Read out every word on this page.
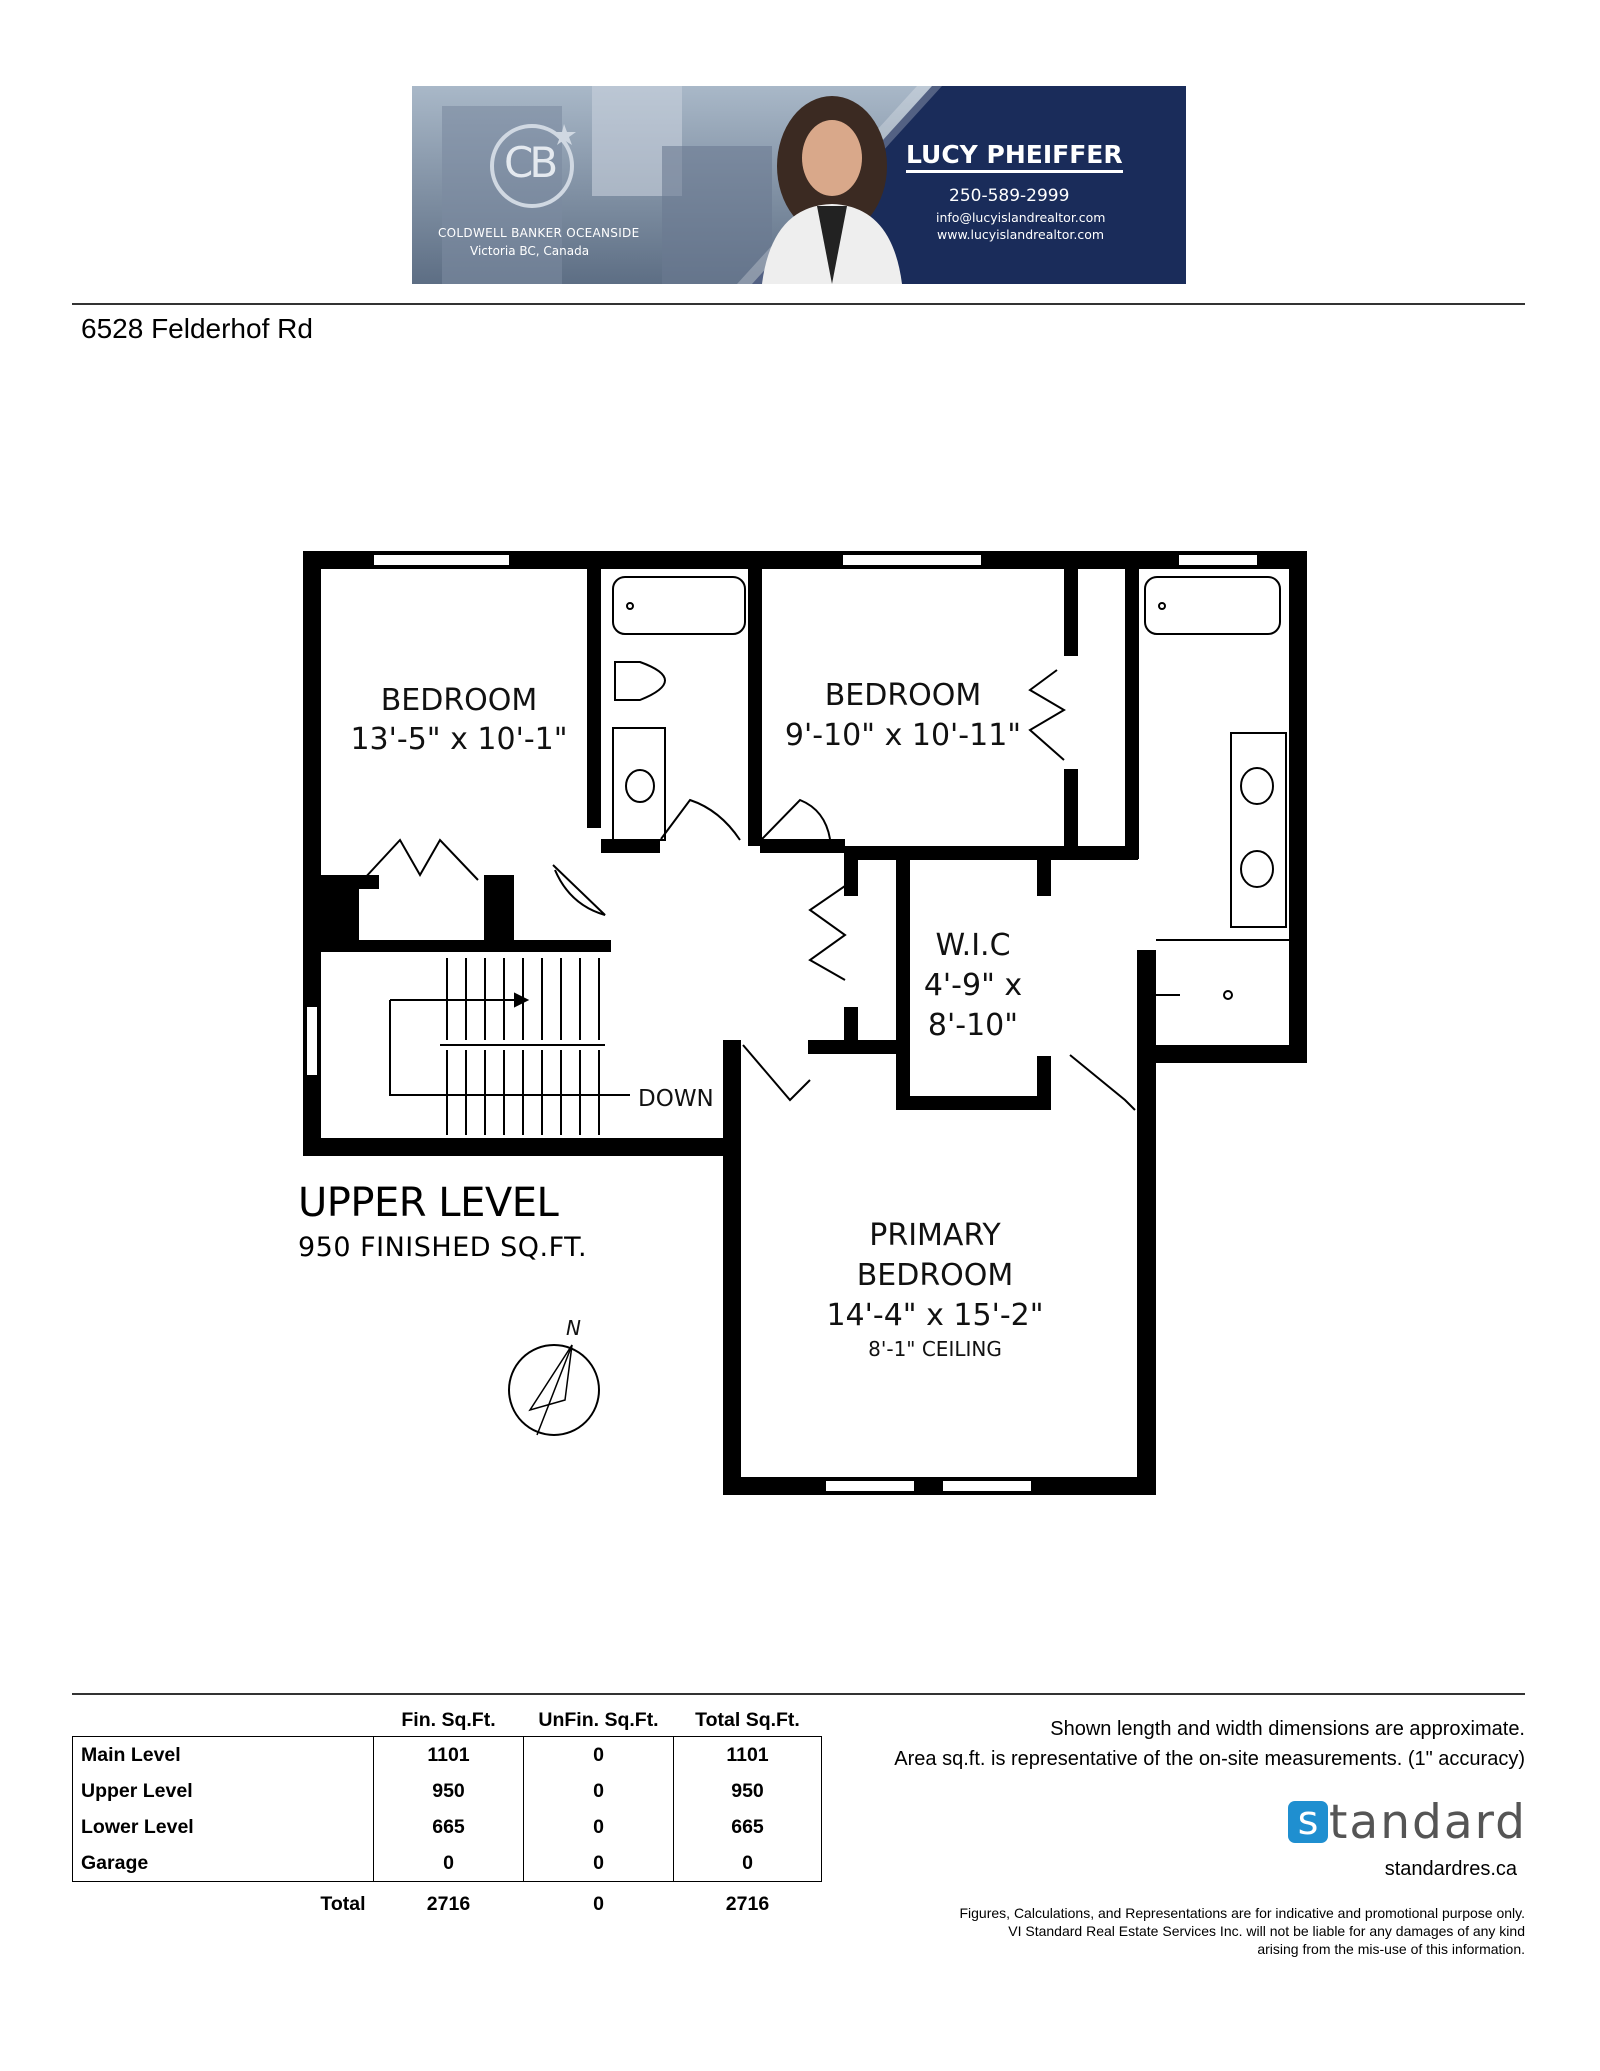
CB
COLDWELL BANKER OCEANSIDE
Victoria BC, Canada
LUCY PHEIFFER
250-589-2999
info@lucyislandrealtor.com
www.lucyislandrealtor.com
6528 Felderhof Rd
BEDROOM
13'-5" x 10'-1"
BEDROOM
9'-10" x 10'-11"
W.I.C
4'-9" x
8'-10"
PRIMARY
BEDROOM
14'-4" x 15'-2"
8'-1" CEILING
DOWN
N
UPPER LEVEL
950 FINISHED SQ.FT.
	Fin. Sq.Ft.	UnFin. Sq.Ft.	Total Sq.Ft.
Main Level	1101	0	1101
Upper Level	950	0	950
Lower Level	665	0	665
Garage	0	0	0
Total	2716	0	2716
Shown length and width dimensions are approximate.
Area sq.ft. is representative of the on-site measurements. (1" accuracy)
s tandard
standardres.ca
Figures, Calculations, and Representations are for indicative and promotional purpose only.
VI Standard Real Estate Services Inc. will not be liable for any damages of any kind
arising from the mis-use of this information.
